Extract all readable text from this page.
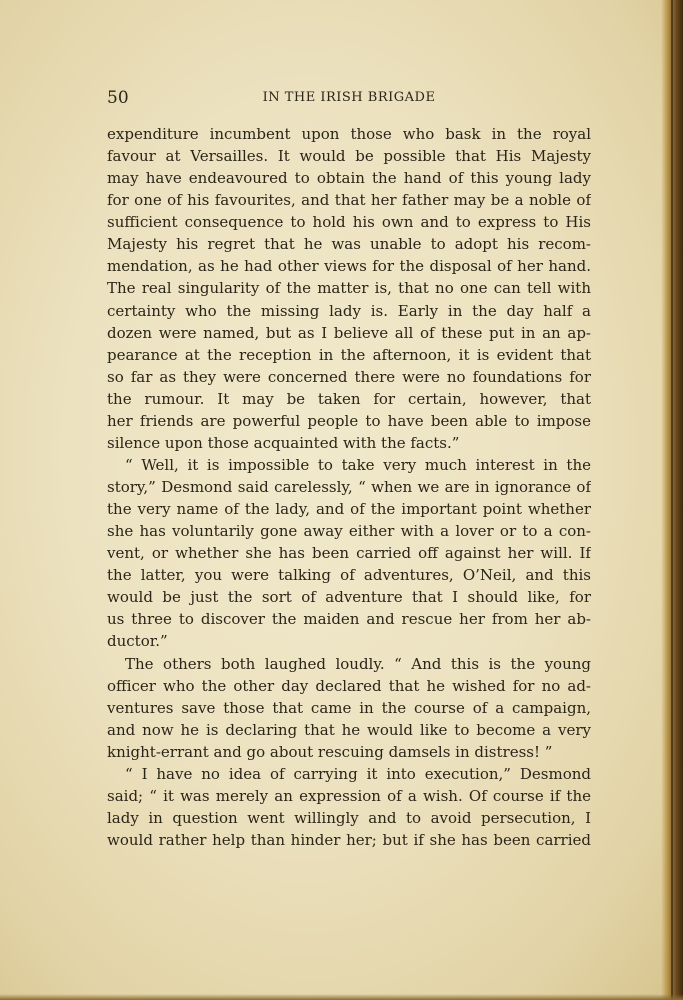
50	IN THE IRISH BRIGADE
expenditure incumbent upon those who bask in the royal
favour at Versailles. It would be possible that His Majesty
may have endeavoured to obtain the hand of this young lady
for one of his favourites, and that her father may be a noble of
sufficient consequence to hold his own and to express to His
Majesty his regret that he was unable to adopt his recom-
mendation, as he had other views for the disposal of her hand.
The real singularity of the matter is, that no one can tell with
certainty who the missing lady is. Early in the day half a
dozen were named, but as I believe all of these put in an ap-
pearance at the reception in the afternoon, it is evident that
so far as they were concerned there were no foundations for
the rumour. It may be taken for certain, however, that
her friends are powerful people to have been able to impose
silence upon those acquainted with the facts.”
“ Well, it is impossible to take very much interest in the
story,” Desmond said carelessly, “ when we are in ignorance of
the very name of the lady, and of the important point whether
she has voluntarily gone away either with a lover or to a con-
vent, or whether she has been carried off against her will. If
the latter, you were talking of adventures, O’Neil, and this
would be just the sort of adventure that I should like, for
us three to discover the maiden and rescue her from her ab-
ductor.”
The others both laughed loudly. “ And this is the young
officer who the other day declared that he wished for no ad-
ventures save those that came in the course of a campaign,
and now he is declaring that he would like to become a very
knight-errant and go about rescuing damsels in distress! ”
“ I have no idea of carrying it into execution,” Desmond
said; “ it was merely an expression of a wish. Of course if the
lady in question went willingly and to avoid persecution, I
would rather help than hinder her; but if she has been carried
